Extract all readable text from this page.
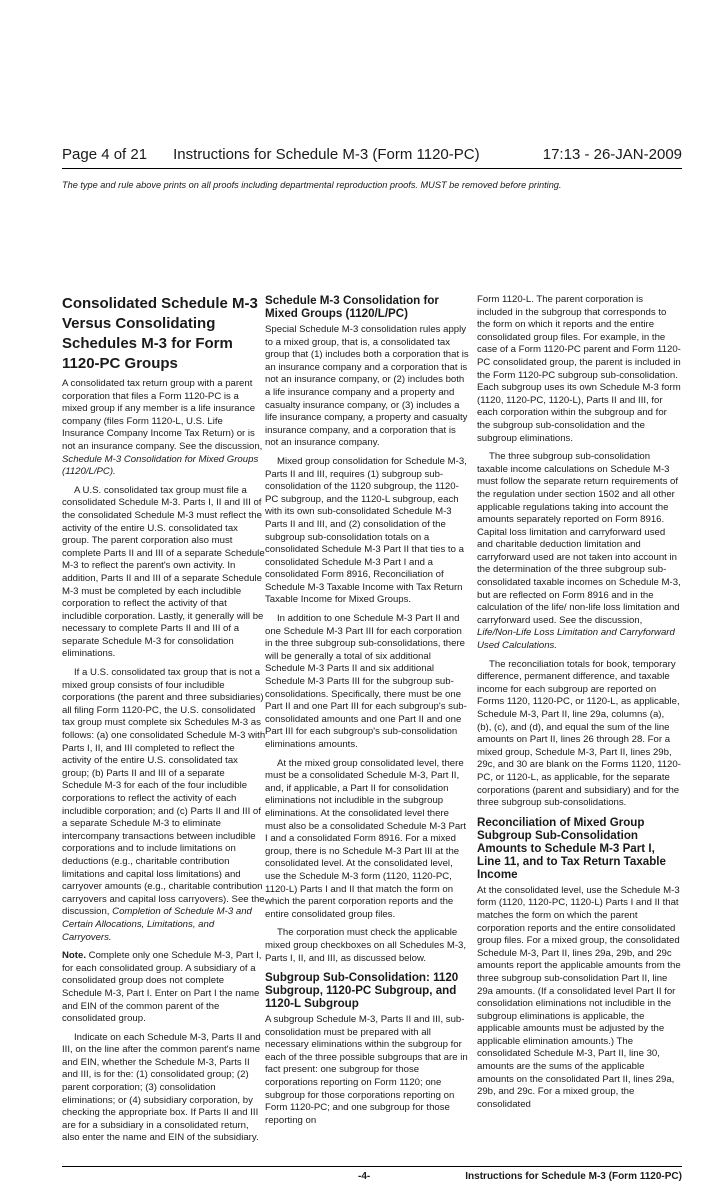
Page 4 of 21 Instructions for Schedule M-3 (Form 1120-PC)	17:13 - 26-JAN-2009
The type and rule above prints on all proofs including departmental reproduction proofs. MUST be removed before printing.
Consolidated Schedule M-3 Versus Consolidating Schedules M-3 for Form 1120-PC Groups

A consolidated tax return group with a parent corporation that files a Form 1120-PC is a mixed group if any member is a life insurance company (files Form 1120-L, U.S. Life Insurance Company Income Tax Return) or is not an insurance company. See the discussion, Schedule M-3 Consolidation for Mixed Groups (1120/L/PC).

A U.S. consolidated tax group must file a consolidated Schedule M-3. Parts I, II and III of the consolidated Schedule M-3 must reflect the activity of the entire U.S. consolidated tax group. The parent corporation also must complete Parts II and III of a separate Schedule M-3 to reflect the parent's own activity. In addition, Parts II and III of a separate Schedule M-3 must be completed by each includible corporation to reflect the activity of that includible corporation. Lastly, it generally will be necessary to complete Parts II and III of a separate Schedule M-3 for consolidation eliminations.

If a U.S. consolidated tax group that is not a mixed group consists of four includible corporations (the parent and three subsidiaries) all filing Form 1120-PC, the U.S. consolidated tax group must complete six Schedules M-3 as follows: (a) one consolidated Schedule M-3 with Parts I, II, and III completed to reflect the activity of the entire U.S. consolidated tax group; (b) Parts II and III of a separate Schedule M-3 for each of the four includible corporations to reflect the activity of each includible corporation; and (c) Parts II and III of a separate Schedule M-3 to eliminate intercompany transactions between includible corporations and to include limitations on deductions (e.g., charitable contribution limitations and capital loss limitations) and carryover amounts (e.g., charitable contribution carryovers and capital loss carryovers). See the discussion, Completion of Schedule M-3 and Certain Allocations, Limitations, and Carryovers.

Note. Complete only one Schedule M-3, Part I, for each consolidated group. A subsidiary of a consolidated group does not complete Schedule M-3, Part I. Enter on Part I the name and EIN of the common parent of the consolidated group.

Indicate on each Schedule M-3, Parts II and III, on the line after the common parent's name and EIN, whether the Schedule M-3, Parts II and III, is for the: (1) consolidated group; (2) parent corporation; (3) consolidation eliminations; or (4) subsidiary corporation, by checking the appropriate box. If Parts II and III are for a subsidiary in a consolidated return, also enter the name and EIN of the subsidiary.

Schedule M-3 Consolidation for Mixed Groups (1120/L/PC)

Special Schedule M-3 consolidation rules apply to a mixed group, that is, a consolidated tax group that (1) includes both a corporation that is an insurance company and a corporation that is not an insurance company, or (2) includes both a life insurance company and a property and casualty insurance company, or (3) includes a life insurance company, a property and casualty insurance company, and a corporation that is not an insurance company.

Mixed group consolidation for Schedule M-3, Parts II and III, requires (1) subgroup sub-consolidation of the 1120 subgroup, the 1120-PC subgroup, and the 1120-L subgroup, each with its own sub-consolidated Schedule M-3 Parts II and III, and (2) consolidation of the subgroup sub-consolidation totals on a consolidated Schedule M-3 Part II that ties to a consolidated Schedule M-3 Part I and a consolidated Form 8916, Reconciliation of Schedule M-3 Taxable Income with Tax Return Taxable Income for Mixed Groups.

In addition to one Schedule M-3 Part II and one Schedule M-3 Part III for each corporation in the three subgroup sub-consolidations, there will be generally a total of six additional Schedule M-3 Parts II and six additional Schedule M-3 Parts III for the subgroup sub-consolidations. Specifically, there must be one Part II and one Part III for each subgroup's sub-consolidated amounts and one Part II and one Part III for each subgroup's sub-consolidation eliminations amounts.

At the mixed group consolidated level, there must be a consolidated Schedule M-3, Part II, and, if applicable, a Part II for consolidation eliminations not includible in the subgroup eliminations. At the consolidated level there must also be a consolidated Schedule M-3 Part I and a consolidated Form 8916. For a mixed group, there is no Schedule M-3 Part III at the consolidated level. At the consolidated level, use the Schedule M-3 form (1120, 1120-PC, 1120-L) Parts I and II that match the form on which the parent corporation reports and the entire consolidated group files.

The corporation must check the applicable mixed group checkboxes on all Schedules M-3, Parts I, II, and III, as discussed below.

Subgroup Sub-Consolidation: 1120 Subgroup, 1120-PC Subgroup, and 1120-L Subgroup

A subgroup Schedule M-3, Parts II and III, sub-consolidation must be prepared with all necessary eliminations within the subgroup for each of the three possible subgroups that are in fact present: one subgroup for those corporations reporting on Form 1120; one subgroup for those corporations reporting on Form 1120-PC; and one subgroup for those reporting on

Form 1120-L. The parent corporation is included in the subgroup that corresponds to the form on which it reports and the entire consolidated group files. For example, in the case of a Form 1120-PC parent and Form 1120-PC consolidated group, the parent is included in the Form 1120-PC subgroup sub-consolidation. Each subgroup uses its own Schedule M-3 form (1120, 1120-PC, 1120-L), Parts II and III, for each corporation within the subgroup and for the subgroup sub-consolidation and the subgroup eliminations.

The three subgroup sub-consolidation taxable income calculations on Schedule M-3 must follow the separate return requirements of the regulation under section 1502 and all other applicable regulations taking into account the amounts separately reported on Form 8916. Capital loss limitation and carryforward used and charitable deduction limitation and carryforward used are not taken into account in the determination of the three subgroup sub-consolidated taxable incomes on Schedule M-3, but are reflected on Form 8916 and in the calculation of the life/ non-life loss limitation and carryforward used. See the discussion, Life/Non-Life Loss Limitation and Carryforward Used Calculations.

The reconciliation totals for book, temporary difference, permanent difference, and taxable income for each subgroup are reported on Forms 1120, 1120-PC, or 1120-L, as applicable, Schedule M-3, Part II, line 29a, columns (a), (b), (c), and (d), and equal the sum of the line amounts on Part II, lines 26 through 28. For a mixed group, Schedule M-3, Part II, lines 29b, 29c, and 30 are blank on the Forms 1120, 1120-PC, or 1120-L, as applicable, for the separate corporations (parent and subsidiary) and for the three subgroup sub-consolidations.

Reconciliation of Mixed Group Subgroup Sub-Consolidation Amounts to Schedule M-3 Part I, Line 11, and to Tax Return Taxable Income

At the consolidated level, use the Schedule M-3 form (1120, 1120-PC, 1120-L) Parts I and II that matches the form on which the parent corporation reports and the entire consolidated group files. For a mixed group, the consolidated Schedule M-3, Part II, lines 29a, 29b, and 29c amounts report the applicable amounts from the three subgroup sub-consolidation Part II, line 29a amounts. (If a consolidated level Part II for consolidation eliminations not includible in the subgroup eliminations is applicable, the applicable amounts must be adjusted by the applicable elimination amounts.) The consolidated Schedule M-3, Part II, line 30, amounts are the sums of the applicable amounts on the consolidated Part II, lines 29a, 29b, and 29c. For a mixed group, the consolidated

-4-	Instructions for Schedule M-3 (Form 1120-PC)
